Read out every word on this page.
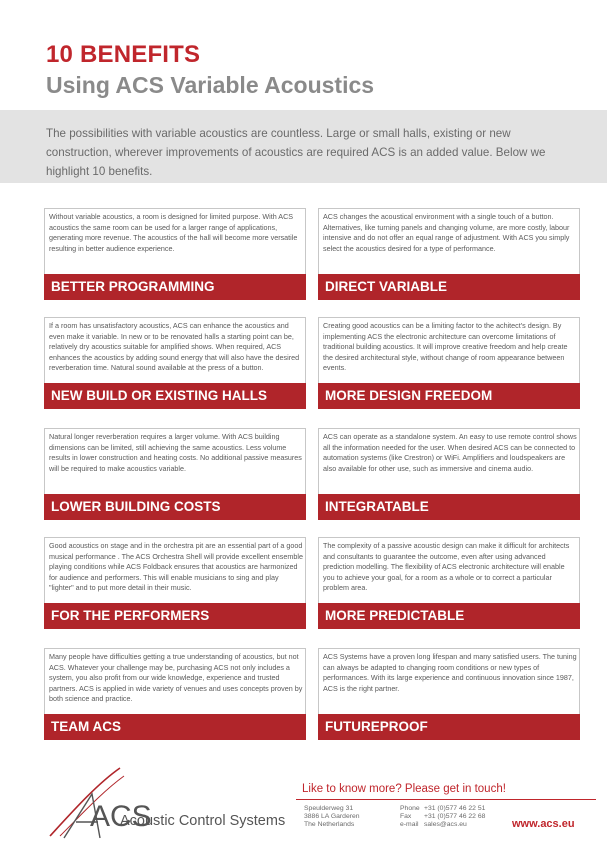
10 BENEFITS
Using ACS Variable Acoustics

The possibilities with variable acoustics are countless. Large or small halls, existing or new construction, wherever improvements of acoustics are required ACS is an added value. Below we highlight 10 benefits.

Without variable acoustics, a room is designed for limited purpose. With ACS acoustics the same room can be used for a larger range of applications, generating more revenue. The acoustics of the hall will become more versatile resulting in better audience experience.

BETTER PROGRAMMING

ACS changes the acoustical environment with a single touch of a button. Alternatives, like turning panels and changing volume, are more costly, labour intensive and do not offer an equal range of adjustment. With ACS you simply select the acoustics desired for a type of performance.

DIRECT VARIABLE

If a room has unsatisfactory acoustics, ACS can enhance the acoustics and even make it variable. In new or to be renovated halls a starting point can be, relatively dry acoustics suitable for amplified shows. When required, ACS enhances the acoustics by adding sound energy that will also have the desired reverberation time. Natural sound available at the press of a button.

NEW BUILD OR EXISTING HALLS

Creating good acoustics can be a limiting factor to the achitect's design. By implementing ACS the electronic architecture can overcome limitations of traditional building acoustics. It will improve creative freedom and help create the desired architectural style, without change of room appearance between events.

MORE DESIGN FREEDOM

Natural longer reverberation requires a larger volume. With ACS building dimensions can be limited, still achieving the same acoustics. Less volume results in lower construction and heating costs. No additional passive measures will be required to make acoustics variable.

LOWER BUILDING COSTS

ACS can operate as a standalone system. An easy to use remote control shows all the information needed for the user. When desired ACS can be connected to automation systems (like Crestron) or WiFi. Amplifiers and loudspeakers are also available for other use, such as immersive and cinema audio.

INTEGRATABLE

Good acoustics on stage and in the orchestra pit are an essential part of a good musical performance . The ACS Orchestra Shell will provide excellent ensemble playing conditions while ACS Foldback ensures that acoustics are harmonized for audience and performers. This will enable musicians to sing and play "lighter" and to put more detail in their music.

FOR THE PERFORMERS

The complexity of a passive acoustic design can make it difficult for architects and consultants to guarantee the outcome, even after using advanced prediction modelling. The flexibility of ACS electronic architecture will enable you to achieve your goal, for a room as a whole or to correct a particular problem area.

MORE PREDICTABLE

Many people have difficulties getting a true understanding of acoustics, but not ACS. Whatever your challenge may be, purchasing ACS not only includes a system, you also profit from our wide knowledge, experience and trusted partners. ACS is applied in wide variety of venues and uses concepts proven by both science and practice.

TEAM ACS

ACS Systems have a proven long lifespan and many satisfied users. The tuning can always be adapted to changing room conditions or new types of performances. With its large experience and continuous innovation since 1987, ACS is the right partner.

FUTUREPROOF
ACS
Acoustic Control Systems

Like to know more? Please get in touch!

Speulderweg 31
3886 LA Garderen
The Netherlands
Phone
Fax
e-mail
+31 (0)577 46 22 51
+31 (0)577 46 22 68
sales@acs.eu	www.acs.eu
